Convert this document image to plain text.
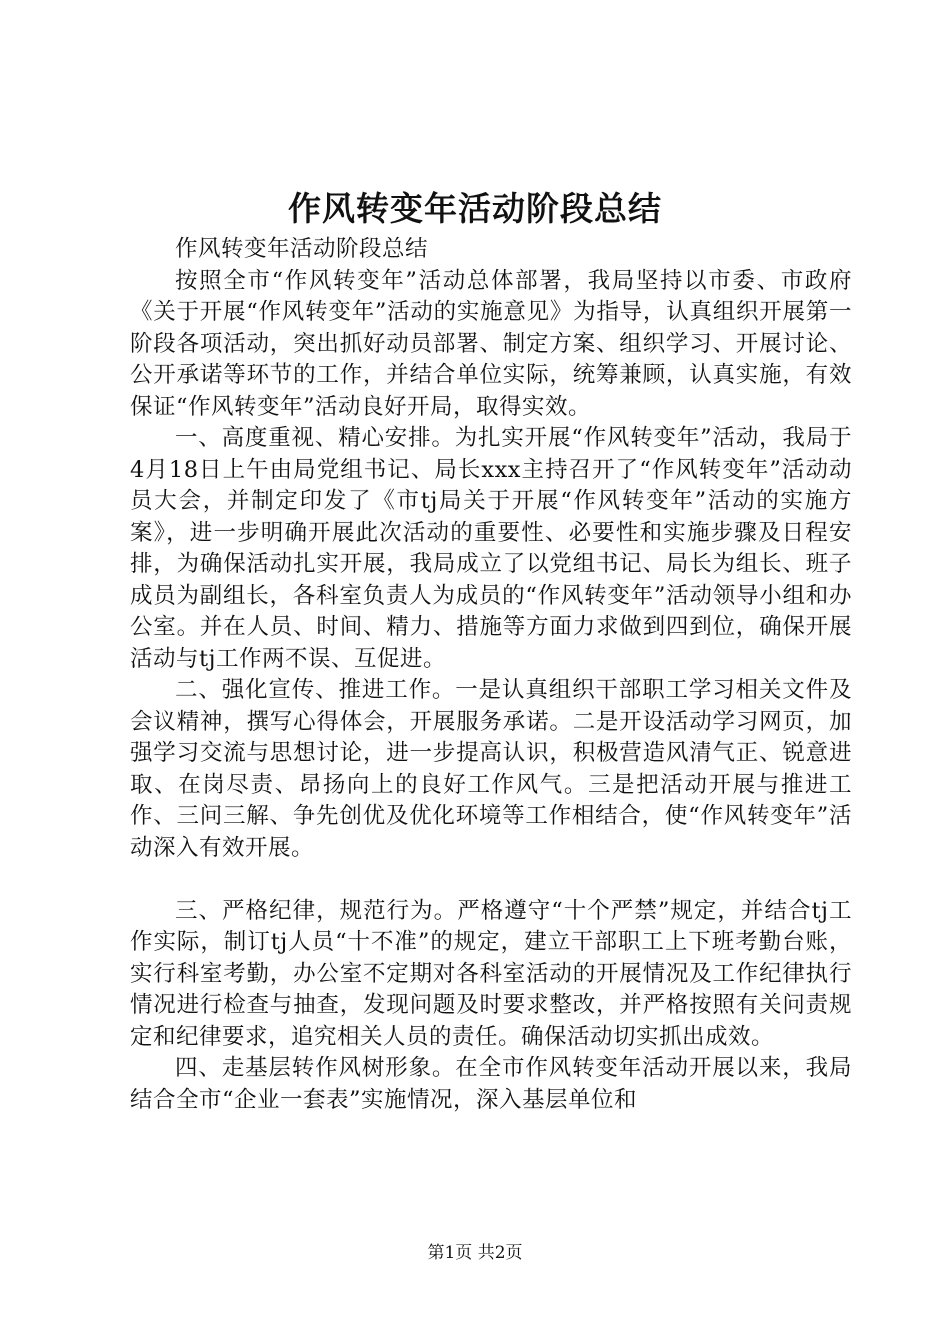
作风转变年活动阶段总结

作风转变年活动阶段总结

按照全市“作风转变年”活动总体部署，我局坚持以市委、市政府《关于开展“作风转变年”活动的实施意见》为指导，认真组织开展第一阶段各项活动，突出抓好动员部署、制定方案、组织学习、开展讨论、公开承诺等环节的工作，并结合单位实际，统筹兼顾，认真实施，有效保证“作风转变年”活动良好开局，取得实效。

一、高度重视、精心安排。为扎实开展“作风转变年”活动，我局于4月18日上午由局党组书记、局长xxx主持召开了“作风转变年”活动动员大会，并制定印发了《市tj局关于开展“作风转变年”活动的实施方案》，进一步明确开展此次活动的重要性、必要性和实施步骤及日程安排，为确保活动扎实开展，我局成立了以党组书记、局长为组长、班子成员为副组长，各科室负责人为成员的“作风转变年”活动领导小组和办公室。并在人员、时间、精力、措施等方面力求做到四到位，确保开展活动与tj工作两不误、互促进。

二、强化宣传、推进工作。一是认真组织干部职工学习相关文件及会议精神，撰写心得体会，开展服务承诺。二是开设活动学习网页，加强学习交流与思想讨论，进一步提高认识，积极营造风清气正、锐意进取、在岗尽责、昂扬向上的良好工作风气。三是把活动开展与推进工作、三问三解、争先创优及优化环境等工作相结合，使“作风转变年”活动深入有效开展。

三、严格纪律，规范行为。严格遵守“十个严禁”规定，并结合tj工作实际，制订tj人员“十不准”的规定，建立干部职工上下班考勤台账，实行科室考勤，办公室不定期对各科室活动的开展情况及工作纪律执行情况进行检查与抽查，发现问题及时要求整改，并严格按照有关问责规定和纪律要求，追究相关人员的责任。确保活动切实抓出成效。

四、走基层转作风树形象。在全市作风转变年活动开展以来，我局结合全市“企业一套表”实施情况，深入基层单位和

第1页 共2页
